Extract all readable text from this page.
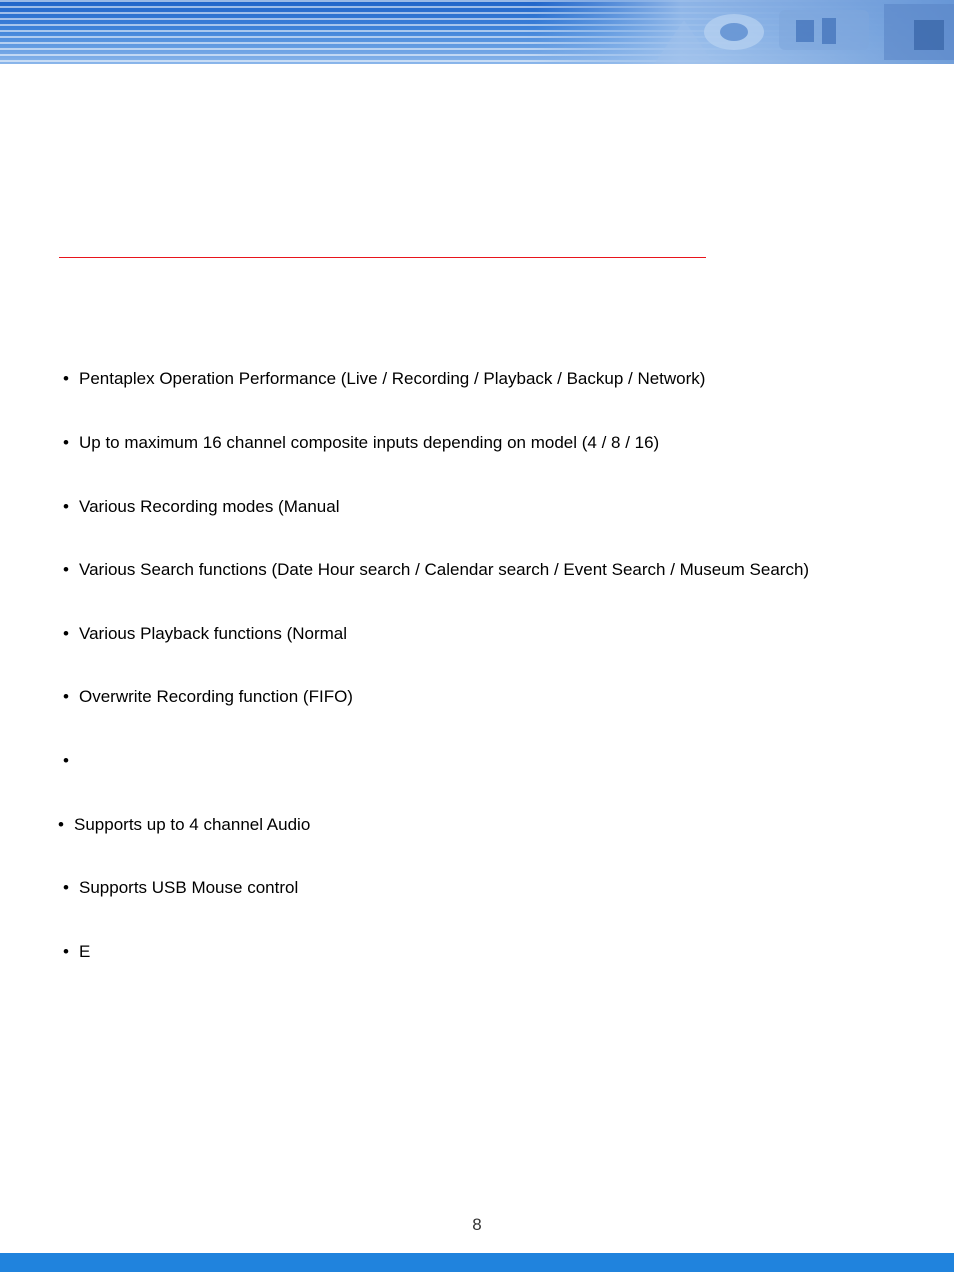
• Pentaplex Operation Performance (Live / Recording / Playback / Backup / Network)
• Up to maximum 16 channel composite inputs depending on model (4 / 8 / 16)
• Various Recording modes (Manual
• Various Search functions (Date Hour search / Calendar search / Event Search / Museum Search)
• Various Playback functions (Normal
• Overwrite Recording function (FIFO)
•
• Supports up to 4 channel Audio
• Supports USB Mouse control
• E
8
